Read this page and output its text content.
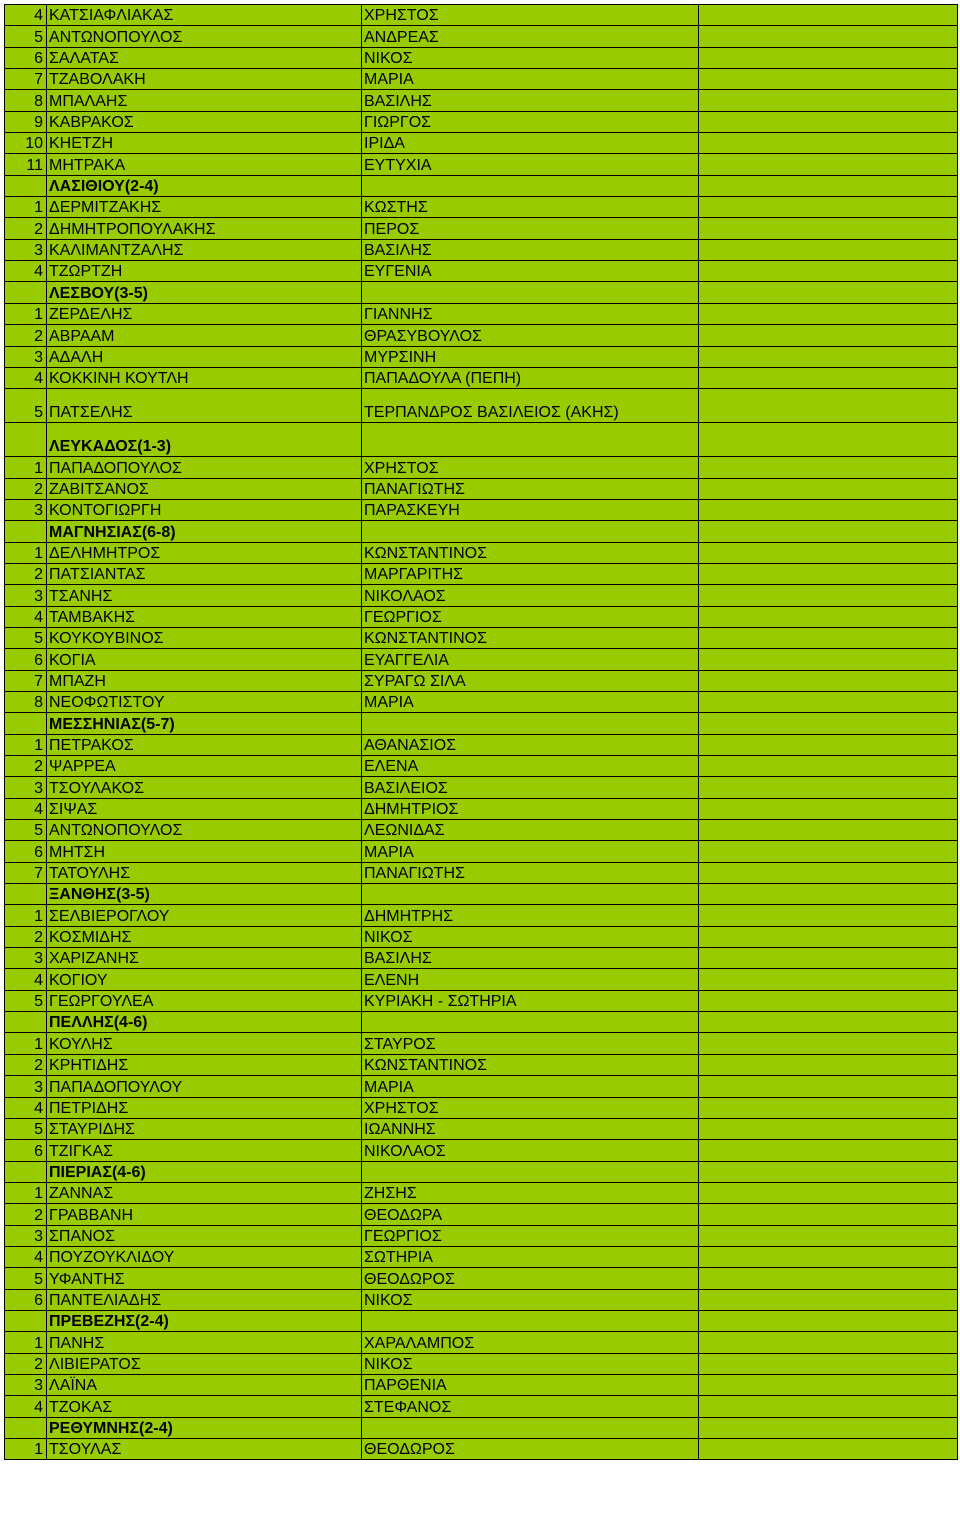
4	ΚΑΤΣΙΑΦΛΙΑΚΑΣ	ΧΡΗΣΤΟΣ	
5	ΑΝΤΩΝΟΠΟΥΛΟΣ	ΑΝΔΡΕΑΣ	
6	ΣΑΛΑΤΑΣ	ΝΙΚΟΣ	
7	ΤΖΑΒΟΛΑΚΗ	ΜΑΡΙΑ	
8	ΜΠΑΛΑΗΣ	ΒΑΣΙΛΗΣ	
9	ΚΑΒΡΑΚΟΣ	ΓΙΩΡΓΟΣ	
10	ΚΗΕΤΖΗ	ΙΡΙΔΑ	
11	ΜΗΤΡΑΚΑ	ΕΥΤΥΧΙΑ	
	ΛΑΣΙΘΙΟΥ(2-4)		
1	ΔΕΡΜΙΤΖΑΚΗΣ	ΚΩΣΤΗΣ	
2	ΔΗΜΗΤΡΟΠΟΥΛΑΚΗΣ	ΠΕΡΟΣ	
3	ΚΑΛΙΜΑΝΤΖΑΛΗΣ	ΒΑΣΙΛΗΣ	
4	ΤΖΩΡΤΖΗ	ΕΥΓΕΝΙΑ	
	ΛΕΣΒΟΥ(3-5)		
1	ΖΕΡΔΕΛΗΣ	ΓΙΑΝΝΗΣ	
2	ΑΒΡΑΑΜ	ΘΡΑΣΥΒΟΥΛΟΣ	
3	ΑΔΑΛΗ	ΜΥΡΣΙΝΗ	
4	ΚΟΚΚΙΝΗ ΚΟΥΤΛΗ	ΠΑΠΑΔΟΥΛΑ (ΠΕΠΗ)	
5	ΠΑΤΣΕΛΗΣ	ΤΕΡΠΑΝΔΡΟΣ ΒΑΣΙΛΕΙΟΣ (ΑΚΗΣ)	
	ΛΕΥΚΑΔΟΣ(1-3)		
1	ΠΑΠΑΔΟΠΟΥΛΟΣ	ΧΡΗΣΤΟΣ	
2	ΖΑΒΙΤΣΑΝΟΣ	ΠΑΝΑΓΙΩΤΗΣ	
3	ΚΟΝΤΟΓΙΩΡΓΗ	ΠΑΡΑΣΚΕΥΗ	
	ΜΑΓΝΗΣΙΑΣ(6-8)		
1	ΔΕΛΗΜΗΤΡΟΣ	ΚΩΝΣΤΑΝΤΙΝΟΣ	
2	ΠΑΤΣΙΑΝΤΑΣ	ΜΑΡΓΑΡΙΤΗΣ	
3	ΤΣΑΝΗΣ	ΝΙΚΟΛΑΟΣ	
4	ΤΑΜΒΑΚΗΣ	ΓΕΩΡΓΙΟΣ	
5	ΚΟΥΚΟΥΒΙΝΟΣ	ΚΩΝΣΤΑΝΤΙΝΟΣ	
6	ΚΟΓΙΑ	ΕΥΑΓΓΕΛΙΑ	
7	ΜΠΑΖΗ	ΣΥΡΑΓΩ ΣΙΛΑ	
8	ΝΕΟΦΩΤΙΣΤΟΥ	ΜΑΡΙΑ	
	ΜΕΣΣΗΝΙΑΣ(5-7)		
1	ΠΕΤΡΑΚΟΣ	ΑΘΑΝΑΣΙΟΣ	
2	ΨΑΡΡΕΑ	ΕΛΕΝΑ	
3	ΤΣΟΥΛΑΚΟΣ	ΒΑΣΙΛΕΙΟΣ	
4	ΣΙΨΑΣ	ΔΗΜΗΤΡΙΟΣ	
5	ΑΝΤΩΝΟΠΟΥΛΟΣ	ΛΕΩΝΙΔΑΣ	
6	ΜΗΤΣΗ	ΜΑΡΙΑ	
7	ΤΑΤΟΥΛΗΣ	ΠΑΝΑΓΙΩΤΗΣ	
	ΞΑΝΘΗΣ(3-5)		
1	ΣΕΛΒΙΕΡΟΓΛΟΥ	ΔΗΜΗΤΡΗΣ	
2	ΚΟΣΜΙΔΗΣ	ΝΙΚΟΣ	
3	ΧΑΡΙΖΑΝΗΣ	ΒΑΣΙΛΗΣ	
4	ΚΟΓΙΟΥ	ΕΛΕΝΗ	
5	ΓΕΩΡΓΟΥΛΕΑ	ΚΥΡΙΑΚΗ - ΣΩΤΗΡΙΑ	
	ΠΕΛΛΗΣ(4-6)		
1	ΚΟΥΛΗΣ	ΣΤΑΥΡΟΣ	
2	ΚΡΗΤΙΔΗΣ	ΚΩΝΣΤΑΝΤΙΝΟΣ	
3	ΠΑΠΑΔΟΠΟΥΛΟΥ	ΜΑΡΙΑ	
4	ΠΕΤΡΙΔΗΣ	ΧΡΗΣΤΟΣ	
5	ΣΤΑΥΡΙΔΗΣ	ΙΩΑΝΝΗΣ	
6	ΤΖΙΓΚΑΣ	ΝΙΚΟΛΑΟΣ	
	ΠΙΕΡΙΑΣ(4-6)		
1	ΖΑΝΝΑΣ	ΖΗΣΗΣ	
2	ΓΡΑΒΒΑΝΗ	ΘΕΟΔΩΡΑ	
3	ΣΠΑΝΟΣ	ΓΕΩΡΓΙΟΣ	
4	ΠΟΥΖΟΥΚΛΙΔΟΥ	ΣΩΤΗΡΙΑ	
5	ΥΦΑΝΤΗΣ	ΘΕΟΔΩΡΟΣ	
6	ΠΑΝΤΕΛΙΑΔΗΣ	ΝΙΚΟΣ	
	ΠΡΕΒΕΖΗΣ(2-4)		
1	ΠΑΝΗΣ	ΧΑΡΑΛΑΜΠΟΣ	
2	ΛΙΒΙΕΡΑΤΟΣ	ΝΙΚΟΣ	
3	ΛΑΪΝΑ	ΠΑΡΘΕΝΙΑ	
4	ΤΖΟΚΑΣ	ΣΤΕΦΑΝΟΣ	
	ΡΕΘΥΜΝΗΣ(2-4)		
1	ΤΣΟΥΛΑΣ	ΘΕΟΔΩΡΟΣ	
